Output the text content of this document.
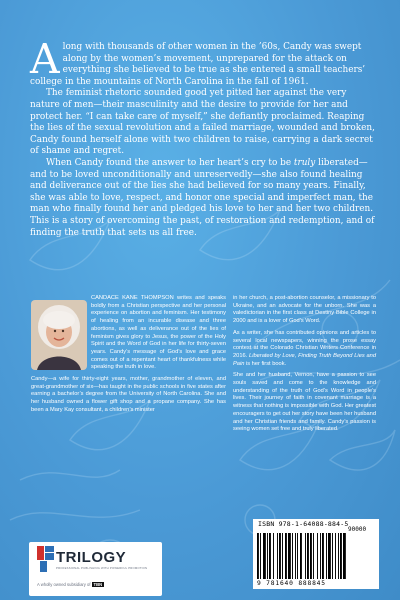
Along with thousands of other women in the ’60s, Candy was swept along by the women’s movement, unprepared for the attack on everything she believed to be true as she entered a small teachers’ college in the mountains of North Carolina in the fall of 1961.

The feminist rhetoric sounded good yet pitted her against the very nature of men—their masculinity and the desire to provide for her and protect her. “I can take care of myself,” she defiantly proclaimed. Reaping the lies of the sexual revolution and a failed marriage, wounded and broken, Candy found herself alone with two children to raise, carrying a dark secret of shame and regret.

When Candy found the answer to her heart’s cry to be truly liberated—and to be loved unconditionally and unreservedly—she also found healing and deliverance out of the lies she had believed for so many years. Finally, she was able to love, respect, and honor one special and imperfect man, the man who finally found her and pledged his love to her and her two children. This is a story of overcoming the past, of restoration and redemption, and of finding the truth that sets us all free.

CANDACE KANE THOMPSON writes and speaks boldly from a Christian perspective and her personal experience on abortion and feminism. Her testimony of healing from an incurable disease and three abortions, as well as deliverance out of the lies of feminism gives glory to Jesus, the power of the Holy Spirit and the Word of God in her life for thirty-seven years. Candy’s message of God’s love and grace comes out of a repentant heart of thankfulness while speaking the truth in love.

Candy—a wife for thirty-eight years, mother, grandmother of eleven, and great-grandmother of six—has taught in the public schools in five states after earning a bachelor’s degree from the University of North Carolina. She and her husband owned a flower gift shop and a propane company. She has been a Mary Kay consultant, a children’s minister

in her church, a post-abortion counselor, a missionary to Ukraine, and an advocate for the unborn. She was a valedictorian in the first class at Destiny Bible College in 2000 and is a lover of God’s Word.

As a writer, she has contributed opinions and articles to several local newspapers, winning the prose essay contest at the Colorado Christian Writers Conference in 2016. Liberated by Love, Finding Truth Beyond Lies and Pain is her first book.

She and her husband, Vernon, have a passion to see souls saved and come to the knowledge and understanding of the truth of God’s Word in people’s lives. Their journey of faith in covenant marriage is a witness that nothing is impossible with God. Her greatest encouragers to get out her story have been her husband and her Christian friends and family. Candy’s passion is seeing women set free and truly liberated.

TRILOGY
PROFESSIONAL PUBLISHING WITH POWERFUL PROMOTION
A wholly owned subsidiary of TBN
ISBN 978-1-64088-884-5
90000
9 781640 888845
